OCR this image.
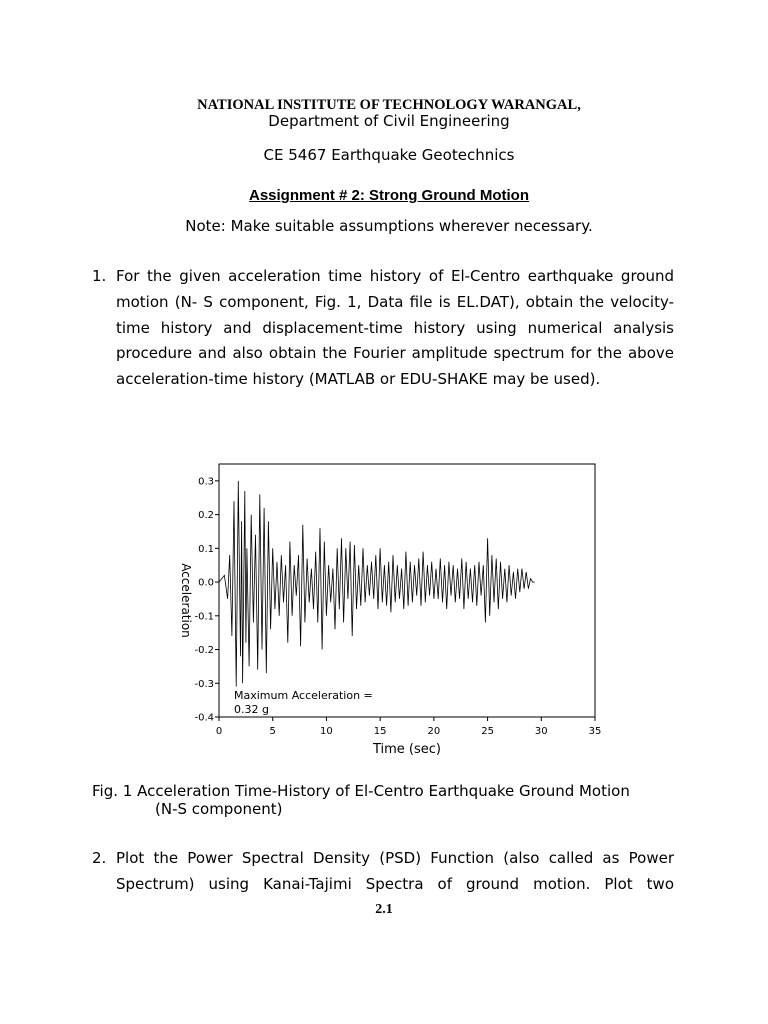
NATIONAL INSTITUTE OF TECHNOLOGY WARANGAL,
Department of Civil Engineering
CE 5467 Earthquake Geotechnics
Assignment # 2: Strong Ground Motion
Note: Make suitable assumptions wherever necessary.
1. For the given acceleration time history of El-Centro earthquake ground motion (N- S component, Fig. 1, Data file is EL.DAT), obtain the velocity-time history and displacement-time history using numerical analysis procedure and also obtain the Fourier amplitude spectrum for the above acceleration-time history (MATLAB or EDU-SHAKE may be used).
-0.4
-0.3
-0.2
-0.1
0.0
0.1
0.2
0.3
0	5	10	15	20	25	30	35
Time (sec)
Acceleration
Maximum Acceleration =
0.32 g
Fig. 1 Acceleration Time-History of El-Centro Earthquake Ground Motion
(N-S component)
2. Plot the Power Spectral Density (PSD) Function (also called as Power Spectrum) using Kanai-Tajimi Spectra of ground motion. Plot two
2.1
